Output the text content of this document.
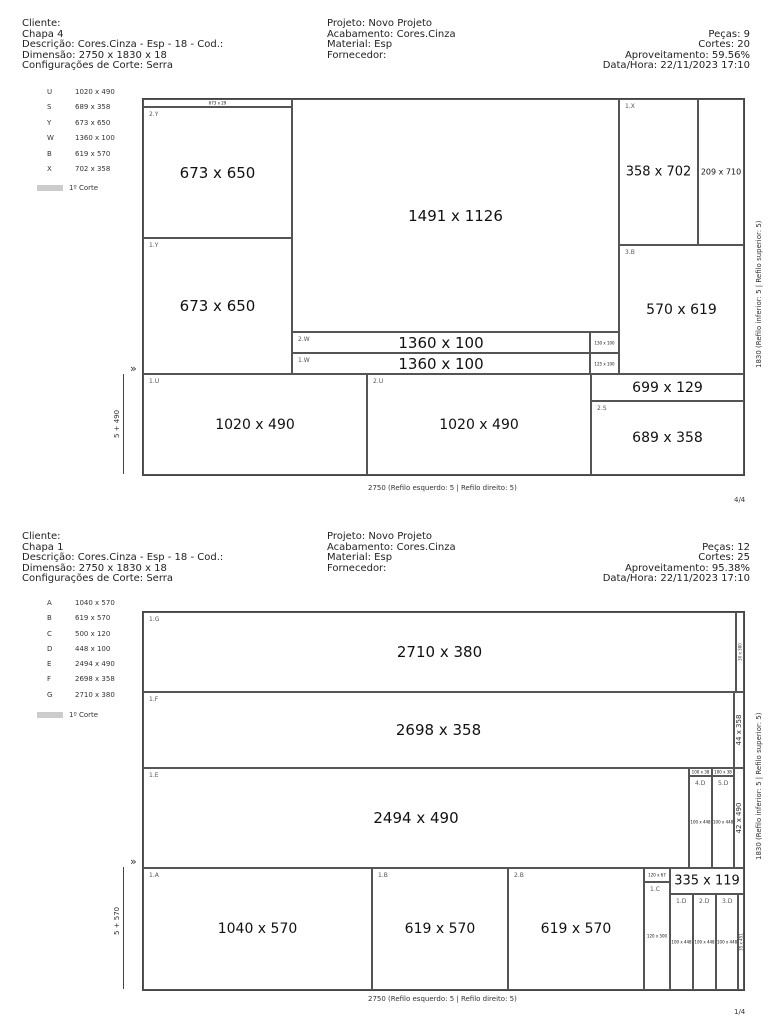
Cliente:
Chapa 4
Descrição: Cores.Cinza - Esp - 18 - Cod.:
Dimensão: 2750 x 1830 x 18
Configurações de Corte: Serra
Projeto: Novo Projeto
Acabamento: Cores.Cinza
Material: Esp
Fornecedor:
Peças: 9
Cortes: 20
Aproveitamento: 59.56%
Data/Hora: 22/11/2023 17:10
U	1020 x 490
S	689 x 358
Y	673 x 650
W	1360 x 100
B	619 x 570
X	702 x 358
1º Corte
5 + 490
»
673 x 29
2.Y
673 x 650
1.Y
673 x 650
1491 x 1126
2.W	1360 x 100
1.W	1360 x 100
130 x 100
125 x 100
1.X
358 x 702	209 x 710
3.B
570 x 619
699 x 129
2.S
689 x 358
1.U
1020 x 490
2.U
1020 x 490
1830 (Refilo inferior: 5 | Refilo superior: 5)
2750 (Refilo esquerdo: 5 | Refilo direito: 5)
4/4
Cliente:
Chapa 1
Descrição: Cores.Cinza - Esp - 18 - Cod.:
Dimensão: 2750 x 1830 x 18
Configurações de Corte: Serra
Projeto: Novo Projeto
Acabamento: Cores.Cinza
Material: Esp
Fornecedor:
Peças: 12
Cortes: 25
Aproveitamento: 95.38%
Data/Hora: 22/11/2023 17:10
A	1040 x 570
B	619 x 570
C	500 x 120
D	448 x 100
E	2494 x 490
F	2698 x 358
G	2710 x 380
1º Corte
5 + 570
»
1.G
2710 x 380	30 x 380
1.F
2698 x 358	44 x 358
1.E
2494 x 490
100 x 38	100 x 38
4.D
100 x 448
5.D
100 x 448 42 x 490
1.A
1040 x 570
1.B
619 x 570
2.B
619 x 570
120 x 67
1.C
120 x 500
335 x 119
1.D
100 x 448
2.D
100 x 448
3.D
100 x 448 35 x 451
1830 (Refilo inferior: 5 | Refilo superior: 5)
2750 (Refilo esquerdo: 5 | Refilo direito: 5)
1/4
